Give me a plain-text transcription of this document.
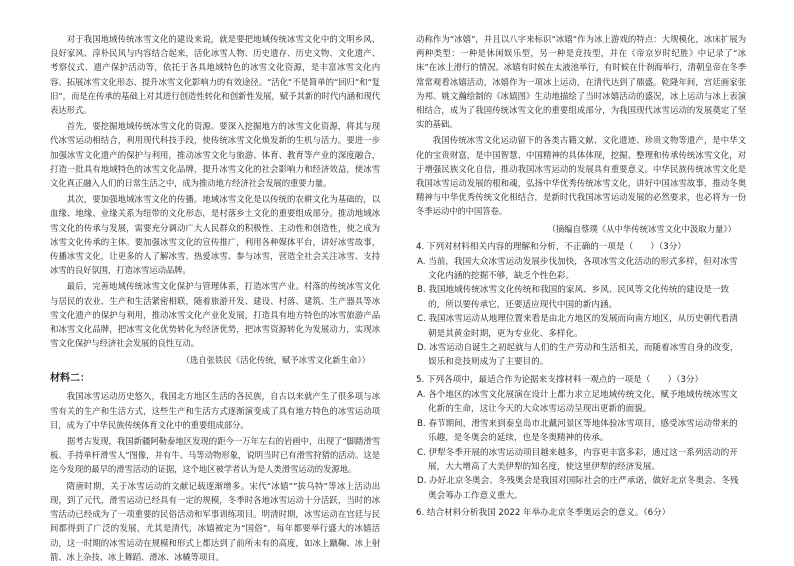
对于我国地域传统冰雪文化的建设来说，就是要把地域传统冰雪文化中的文明乡风、良好家风、淳朴民风与内容结合起来，活化冰雪人物、历史遗存、历史文物、文化遗产、考察仪式、遗产保护活动等，依托于各具地域特色的冰雪文化资源，是丰富冰雪文化内容、拓展冰雪文化形态、提升冰雪文化影响力的有效途径。“活化”不是简单的“回归”和“复旧”，而是在传承的基础上对其进行创造性转化和创新性发展，赋予其新的时代内涵和现代表达形式。

首先，要挖掘地域传统冰雪文化的资源。要深入挖掘地方的冰雪文化资源，将其与现代冰雪运动相结合，利用现代科技手段，使传统冰雪文化焕发新的生机与活力。要进一步加强冰雪文化遗产的保护与利用，推动冰雪文化与旅游、体育、教育等产业的深度融合，打造一批具有地域特色的冰雪文化品牌，提升冰雪文化的社会影响力和经济效益，使冰雪文化真正融入人们的日常生活之中，成为推动地方经济社会发展的重要力量。

其次，要加强地域冰雪文化的传播。地域冰雪文化是以传统的农耕文化为基础的，以血缘、地缘、业缘关系为纽带的文化形态，是村落乡土文化的重要组成部分。推动地域冰雪文化的传承与发展，需要充分调动广大人民群众的积极性、主动性和创造性，使之成为冰雪文化传承的主体。要加强冰雪文化的宣传推广，利用各种媒体平台，讲好冰雪故事，传播冰雪文化，让更多的人了解冰雪、热爱冰雪、参与冰雪，营造全社会关注冰雪、支持冰雪的良好氛围，打造冰雪运动品牌。

最后，完善地域传统冰雪文化保护与管理体系，打造冰雪产业。村落的传统冰雪文化与居民的农业、生产和生活紧密相联，随着旅游开发、建设、村落、建筑、生产器具等冰雪文化遗产的保护与利用，推动冰雪文化产业化发展，打造具有地方特色的冰雪旅游产品和冰雪文化品牌，把冰雪文化优势转化为经济优势，把冰雪资源转化为发展动力，实现冰雪文化保护与经济社会发展的良性互动。

（选自张铁民《活化传统，赋予冰雪文化新生命》）

材料二：

我国冰雪运动历史悠久，我国北方地区生活的各民族，自古以来就产生了很多项与冰雪有关的生产和生活方式，这些生产和生活方式逐渐演变成了具有地方特色的冰雪运动项目，成为了中华民族传统体育文化中的重要组成部分。

据考古发现，我国新疆阿勒泰地区发现的距今一万年左右的岩画中，出现了“脚踏滑雪板、手持单杆滑雪人”图像，并有牛、马等动物形象，说明当时已有滑雪狩猎的活动。这是迄今发现的最早的滑雪活动的证据，这个地区被学者认为是人类滑雪运动的发源地。

隋唐时期，关于冰雪运动的文献记载逐渐增多。宋代“冰嬉”“拔乌特”等冰上活动出现，到了元代，滑雪运动已经具有一定的规模，冬季时各地冰雪运动十分活跃，当时的冰雪活动已经成为了一项重要的民俗活动和军事训练项目。明清时期，冰雪运动在宫廷与民间都得到了广泛的发展，尤其是清代，冰嬉被定为“国俗”，每年都要举行盛大的冰嬉活动，这一时期的冰雪运动在规模和形式上都达到了前所未有的高度，如冰上蹴鞠、冰上射箭、冰上杂技、冰上舞蹈、滑冰、冰橇等项目。

动称作为“冰嬉”，并且以八字来标识“冰嬉”作为冰上游戏的特点：大规模化，冰床扩展为两种类型：一种是休闲娱乐型，另一种是竞技型，并在《帝京岁时纪胜》中记录了“冰床”在冰上滑行的情况。冰嬉有时候在太液池举行，有时候在什刹海举行，清朝皇帝在冬季常常观看冰嬉活动，冰嬉作为一项冰上运动，在清代达到了鼎盛。乾隆年间，宫廷画家张为邦、姚文瀚绘制的《冰嬉图》生动地描绘了当时冰嬉活动的盛况，冰上运动与冰上表演相结合，成为了我国传统冰雪文化的重要组成部分，为我国现代冰雪运动的发展奠定了坚实的基础。

我国传统冰雪文化运动留下的各类古籍文献、文化遗迹、珍贵文物等遗产，是中华文化的宝贵财富，是中国智慧、中国精神的具体体现，挖掘、整理和传承传统冰雪文化，对于增强民族文化自信，推动我国冰雪运动的发展具有重要意义。中华民族传统冰雪文化是我国冰雪运动发展的根和魂，弘扬中华优秀传统冰雪文化，讲好中国冰雪故事，推动冬奥精神与中华优秀传统文化相结合，是新时代我国冰雪运动发展的必然要求，也必将为一份冬季运动中的中国答卷。

（摘编自蔡璞《从中华传统冰雪文化中汲取力量》）

4. 下列对材料相关内容的理解和分析，不正确的一项是（　　）（3分）

A. 当前，我国大众冰雪运动发展步伐加快，各项冰雪文化活动的形式多样，但对冰雪文化内涵的挖掘不够，缺乏个性色彩。

B. 我国地域传统冰雪文化传统和我国的家风、乡风、民风等文化传统的建设是一致的，所以要传承它，还要适应现代中国的新内涵。

C. 我国冰雪运动从地理位置来看是由北方地区的发展而向南方地区，从历史朝代看清朝是其黄金时期，更为专业化、多样化。

D. 冰雪运动自诞生之初起就与人们的生产劳动和生活相关，而随着冰雪自身的改变，娱乐和竞技则成为了主要目的。

5. 下列各项中，最适合作为论据来支撑材料一观点的一项是（　　）（3分）

A. 各个地区的冰雪文化展演在设计上都力求立足地域传统文化，赋予地域传统冰雪文化新的生命，这让今天的大众冰雪运动呈现出更新的面貌。

B. 春节期间，滑雪来到泰皇岛市北戴河景区等地体验冰雪项目，感受冰雪运动带来的乐趣，是冬奥会的延续，也是冬奥精神的传承。

C. 伊犁冬季开展的冰雪运动项目越来越多，内容更丰富多彩，通过这一系列活动的开展，大大增高了大美伊犁的知名度，使这里伊犁的经济发展。

D. 办好北京冬奥会、冬残奥会是我国对国际社会的庄严承诺，做好北京冬奥会、冬残奥会筹办工作意义重大。

6. 结合材料分析我国 2022 年举办北京冬季奥运会的意义。（6分）
